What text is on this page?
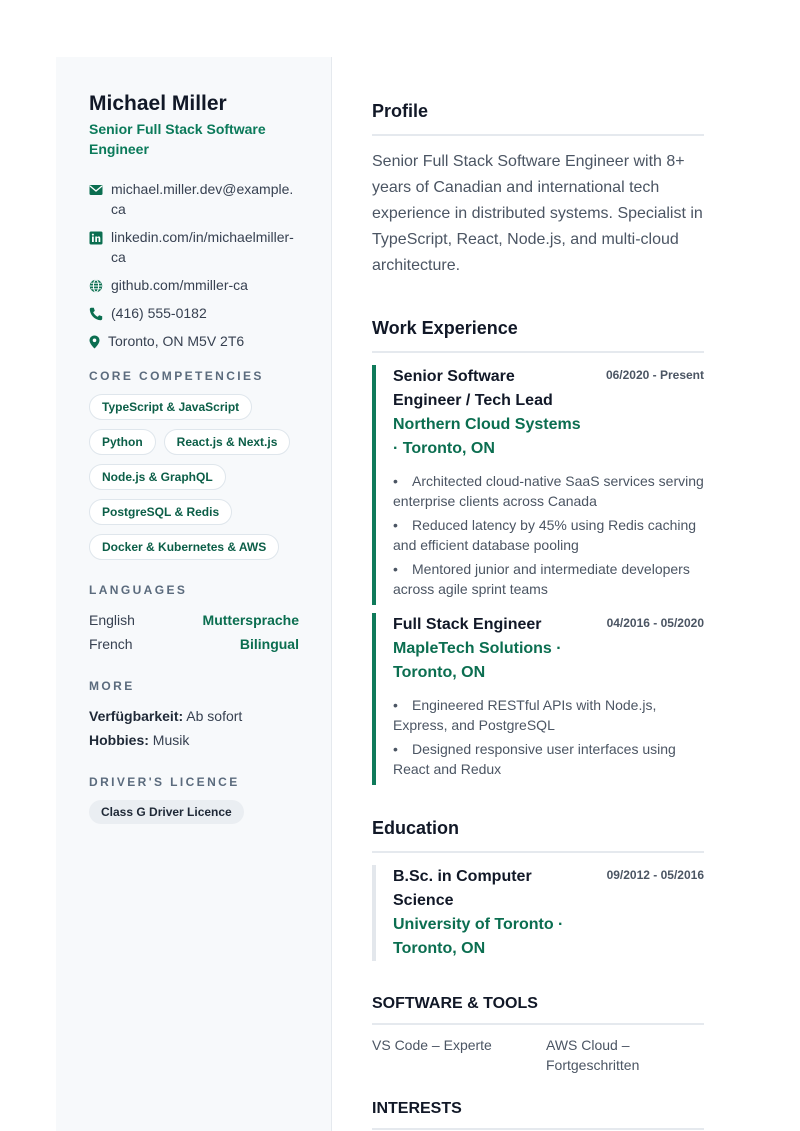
Michael Miller
Senior Full Stack Software Engineer
michael.miller.dev@example.ca
linkedin.com/in/michaelmiller-ca
github.com/mmiller-ca
(416) 555-0182
Toronto, ON M5V 2T6
CORE COMPETENCIES
TypeScript & JavaScript
Python	React.js & Next.js
Node.js & GraphQL
PostgreSQL & Redis
Docker & Kubernetes & AWS
LANGUAGES
English	Muttersprache
French	Bilingual
MORE
Verfügbarkeit: Ab sofort
Hobbies: Musik
DRIVER'S LICENCE
Class G Driver Licence
Profile

Senior Full Stack Software Engineer with 8+ years of Canadian and international tech experience in distributed systems. Specialist in TypeScript, React, Node.js, and multi-cloud architecture.

Work Experience
Senior Software Engineer / Tech Lead
Northern Cloud Systems · Toronto, ON
06/2020 - Present
• Architected cloud-native SaaS services serving enterprise clients across Canada
• Reduced latency by 45% using Redis caching and efficient database pooling
• Mentored junior and intermediate developers across agile sprint teams
Full Stack Engineer
MapleTech Solutions · Toronto, ON
04/2016 - 05/2020
• Engineered RESTful APIs with Node.js, Express, and PostgreSQL
• Designed responsive user interfaces using React and Redux
Education
B.Sc. in Computer Science
University of Toronto · Toronto, ON
09/2012 - 05/2016
SOFTWARE & TOOLS
VS Code – Experte	AWS Cloud – Fortgeschritten
INTERESTS
